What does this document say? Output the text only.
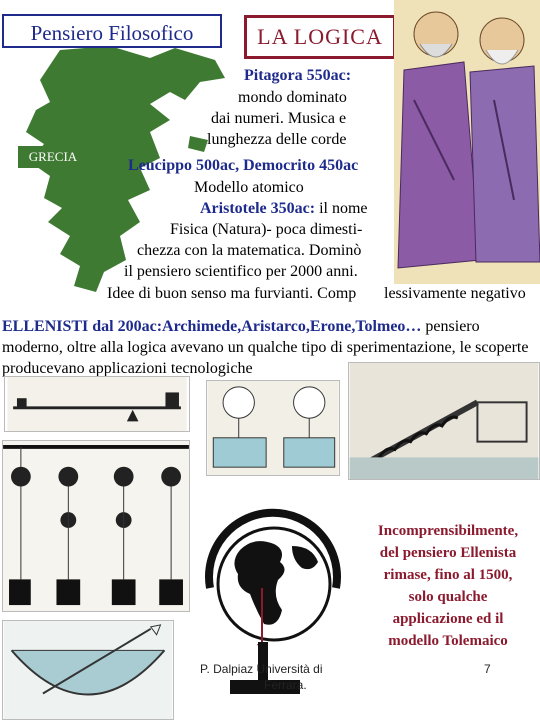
Pensiero Filosofico	LA LOGICA
GRECIA
Pitagora 550ac:
mondo dominato
dai numeri. Musica e
lunghezza delle corde
Leucippo 500ac, Democrito 450ac
Modello atomico
Aristotele 350ac: il nome
Fisica (Natura)- poca dimesti-
chezza con la matematica. Dominò
il pensiero scientifico per 2000 anni.
Idee di buon senso ma furvianti. Comp lessivamente negativo
ELLENISTI dal 200ac:Archimede,Aristarco,Erone,Tolmeo… pensiero moderno, oltre alla logica avevano un qualche tipo di sperimentazione, le scoperte producevano applicazioni tecnologiche
Incomprensibilmente,
del pensiero Ellenista
rimase, fino al 1500,
solo qualche
applicazione ed il
modello Tolemaico
P. Dalpiaz Università di
Ferrara.
7
